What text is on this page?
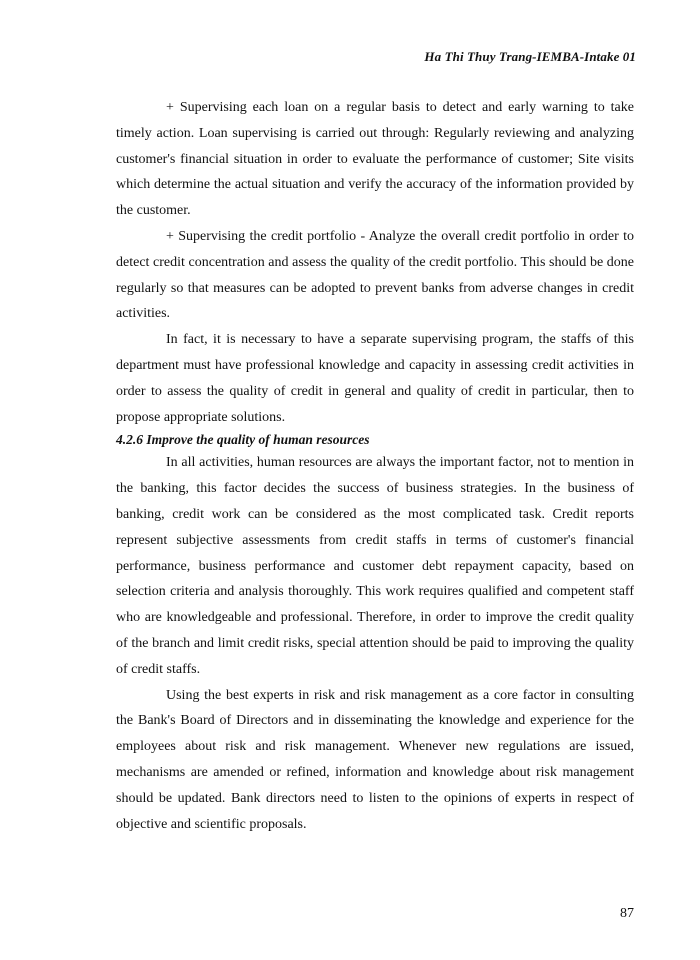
Ha Thi Thuy Trang-IEMBA-Intake 01

+ Supervising each loan on a regular basis to detect and early warning to take timely action. Loan supervising is carried out through: Regularly reviewing and analyzing customer's financial situation in order to evaluate the performance of customer; Site visits which determine the actual situation and verify the accuracy of the information provided by the customer.

+ Supervising the credit portfolio - Analyze the overall credit portfolio in order to detect credit concentration and assess the quality of the credit portfolio. This should be done regularly so that measures can be adopted to prevent banks from adverse changes in credit activities.

In fact, it is necessary to have a separate supervising program, the staffs of this department must have professional knowledge and capacity in assessing credit activities in order to assess the quality of credit in general and quality of credit in particular, then to propose appropriate solutions.

4.2.6 Improve the quality of human resources

In all activities, human resources are always the important factor, not to mention in the banking, this factor decides the success of business strategies. In the business of banking, credit work can be considered as the most complicated task. Credit reports represent subjective assessments from credit staffs in terms of customer's financial performance, business performance and customer debt repayment capacity, based on selection criteria and analysis thoroughly. This work requires qualified and competent staff who are knowledgeable and professional. Therefore, in order to improve the credit quality of the branch and limit credit risks, special attention should be paid to improving the quality of credit staffs.

Using the best experts in risk and risk management as a core factor in consulting the Bank's Board of Directors and in disseminating the knowledge and experience for the employees about risk and risk management. Whenever new regulations are issued, mechanisms are amended or refined, information and knowledge about risk management should be updated. Bank directors need to listen to the opinions of experts in respect of objective and scientific proposals.

87
